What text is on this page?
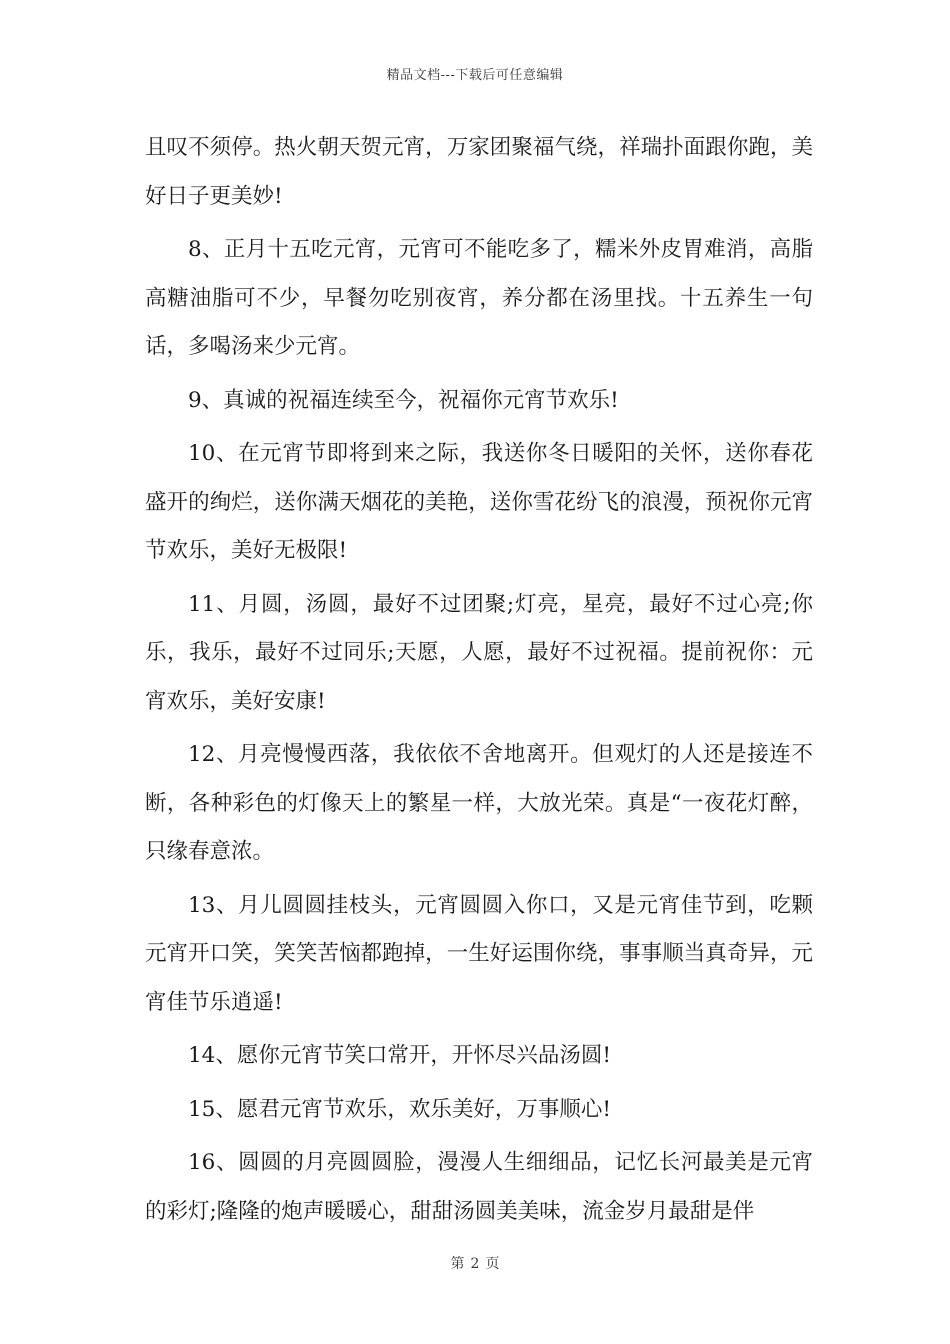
精品文档---下载后可任意编辑

且叹不须停。热火朝天贺元宵，万家团聚福气绕，祥瑞扑面跟你跑，美好日子更美妙!

8、正月十五吃元宵，元宵可不能吃多了，糯米外皮胃难消，高脂高糖油脂可不少，早餐勿吃别夜宵，养分都在汤里找。十五养生一句话，多喝汤来少元宵。

9、真诚的祝福连续至今，祝福你元宵节欢乐!

10、在元宵节即将到来之际，我送你冬日暖阳的关怀，送你春花盛开的绚烂，送你满天烟花的美艳，送你雪花纷飞的浪漫，预祝你元宵节欢乐，美好无极限!

11、月圆，汤圆，最好不过团聚;灯亮，星亮，最好不过心亮;你乐，我乐，最好不过同乐;天愿，人愿，最好不过祝福。提前祝你：元宵欢乐，美好安康!

12、月亮慢慢西落，我依依不舍地离开。但观灯的人还是接连不断，各种彩色的灯像天上的繁星一样，大放光荣。真是“一夜花灯醉，只缘春意浓。

13、月儿圆圆挂枝头，元宵圆圆入你口，又是元宵佳节到，吃颗元宵开口笑，笑笑苦恼都跑掉，一生好运围你绕，事事顺当真奇异，元宵佳节乐逍遥!

14、愿你元宵节笑口常开，开怀尽兴品汤圆!

15、愿君元宵节欢乐，欢乐美好，万事顺心!

16、圆圆的月亮圆圆脸，漫漫人生细细品，记忆长河最美是元宵的彩灯;隆隆的炮声暖暖心，甜甜汤圆美美味，流金岁月最甜是伴

第 2 页
